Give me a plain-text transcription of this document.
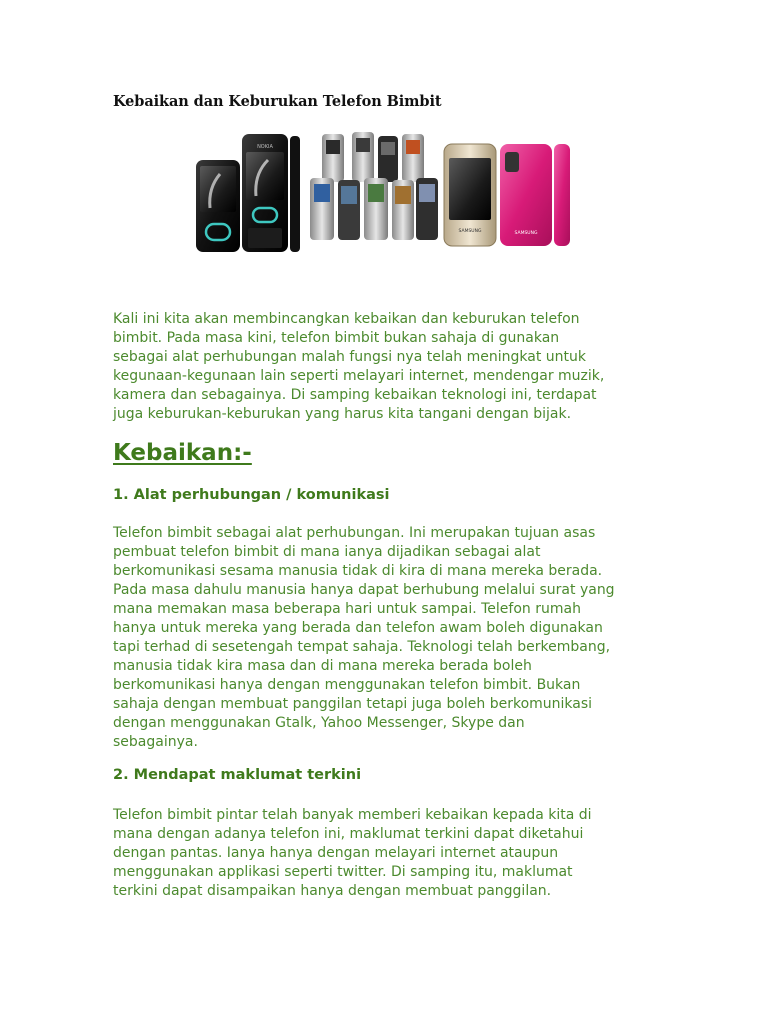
Kebaikan dan Keburukan Telefon Bimbit
NOKIA
SAMSUNG	SAMSUNG

Kali ini kita akan membincangkan kebaikan dan keburukan telefon
bimbit. Pada masa kini, telefon bimbit bukan sahaja di gunakan
sebagai alat perhubungan malah fungsi nya telah meningkat untuk
kegunaan-kegunaan lain seperti melayari internet, mendengar muzik,
kamera dan sebagainya. Di samping kebaikan teknologi ini, terdapat
juga keburukan-keburukan yang harus kita tangani dengan bijak.

Kebaikan:-
1. Alat perhubungan / komunikasi

Telefon bimbit sebagai alat perhubungan. Ini merupakan tujuan asas
pembuat telefon bimbit di mana ianya dijadikan sebagai alat
berkomunikasi sesama manusia tidak di kira di mana mereka berada.
Pada masa dahulu manusia hanya dapat berhubung melalui surat yang
mana memakan masa beberapa hari untuk sampai. Telefon rumah
hanya untuk mereka yang berada dan telefon awam boleh digunakan
tapi terhad di sesetengah tempat sahaja. Teknologi telah berkembang,
manusia tidak kira masa dan di mana mereka berada boleh
berkomunikasi hanya dengan menggunakan telefon bimbit. Bukan
sahaja dengan membuat panggilan tetapi juga boleh berkomunikasi
dengan menggunakan Gtalk, Yahoo Messenger, Skype dan
sebagainya.

2. Mendapat maklumat terkini

Telefon bimbit pintar telah banyak memberi kebaikan kepada kita di
mana dengan adanya telefon ini, maklumat terkini dapat diketahui
dengan pantas. Ianya hanya dengan melayari internet ataupun
menggunakan applikasi seperti twitter. Di samping itu, maklumat
terkini dapat disampaikan hanya dengan membuat panggilan.
